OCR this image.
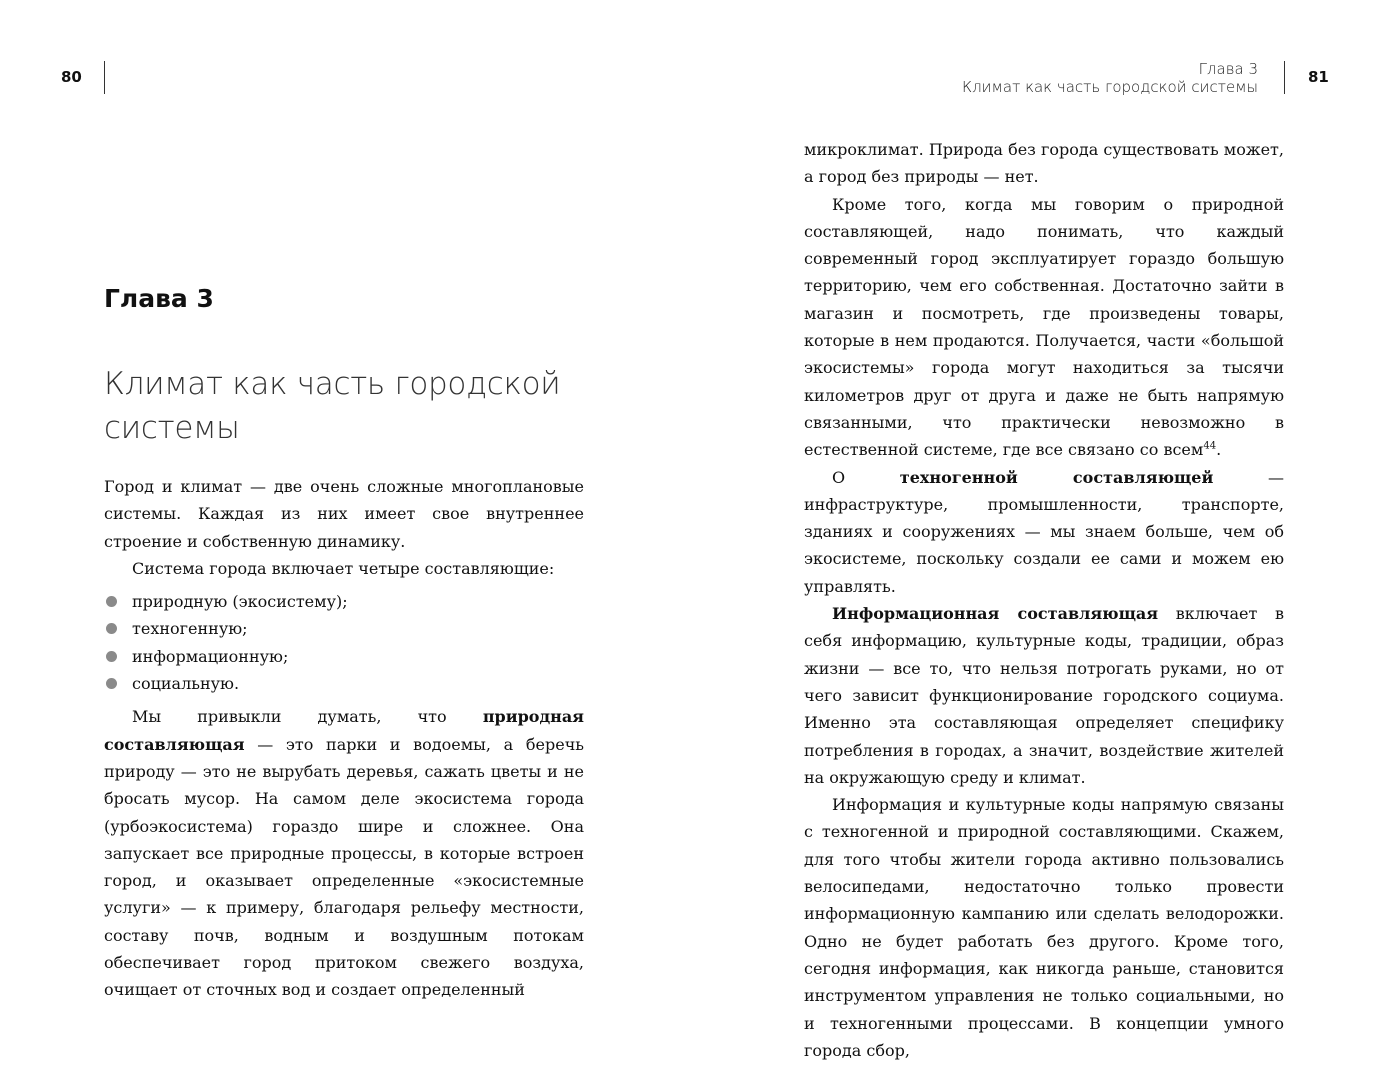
80
Глава 3
Климат как часть городской системы

Город и климат — две очень сложные многоплановые системы. Каждая из них имеет свое внутреннее строение и собственную динамику.

Система города включает четыре составляющие:

природную (экосистему);
техногенную;
информационную;
социальную.

Мы привыкли думать, что природная составляющая — это парки и водоемы, а беречь природу — это не вырубать деревья, сажать цветы и не бросать мусор. На самом деле экосистема города (урбоэкосистема) гораздо шире и сложнее. Она запускает все природные процессы, в которые встроен город, и оказывает определенные «экосистемные услуги» — к примеру, благодаря рельефу местности, составу почв, водным и воздушным потокам обеспечивает город притоком свежего воздуха, очищает от сточных вод и создает определенный

Глава 3
Климат как часть городской системы
81

микроклимат. Природа без города существовать может, а город без природы — нет.

Кроме того, когда мы говорим о природной составляющей, надо понимать, что каждый современный город эксплуатирует гораздо большую территорию, чем его собственная. Достаточно зайти в магазин и посмотреть, где произведены товары, которые в нем продаются. Получается, части «большой экосистемы» города могут находиться за тысячи километров друг от друга и даже не быть напрямую связанными, что практически невозможно в естественной системе, где все связано со всем$^{44}$.

О техногенной составляющей — инфраструктуре, промышленности, транспорте, зданиях и сооружениях — мы знаем больше, чем об экосистеме, поскольку создали ее сами и можем ею управлять.

Информационная составляющая включает в себя информацию, культурные коды, традиции, образ жизни — все то, что нельзя потрогать руками, но от чего зависит функционирование городского социума. Именно эта составляющая определяет специфику потребления в городах, а значит, воздействие жителей на окружающую среду и климат.

Информация и культурные коды напрямую связаны с техногенной и природной составляющими. Скажем, для того чтобы жители города активно пользовались велосипедами, недостаточно только провести информационную кампанию или сделать велодорожки. Одно не будет работать без другого. Кроме того, сегодня информация, как никогда раньше, становится инструментом управления не только социальными, но и техногенными процессами. В концепции умного города сбор,
